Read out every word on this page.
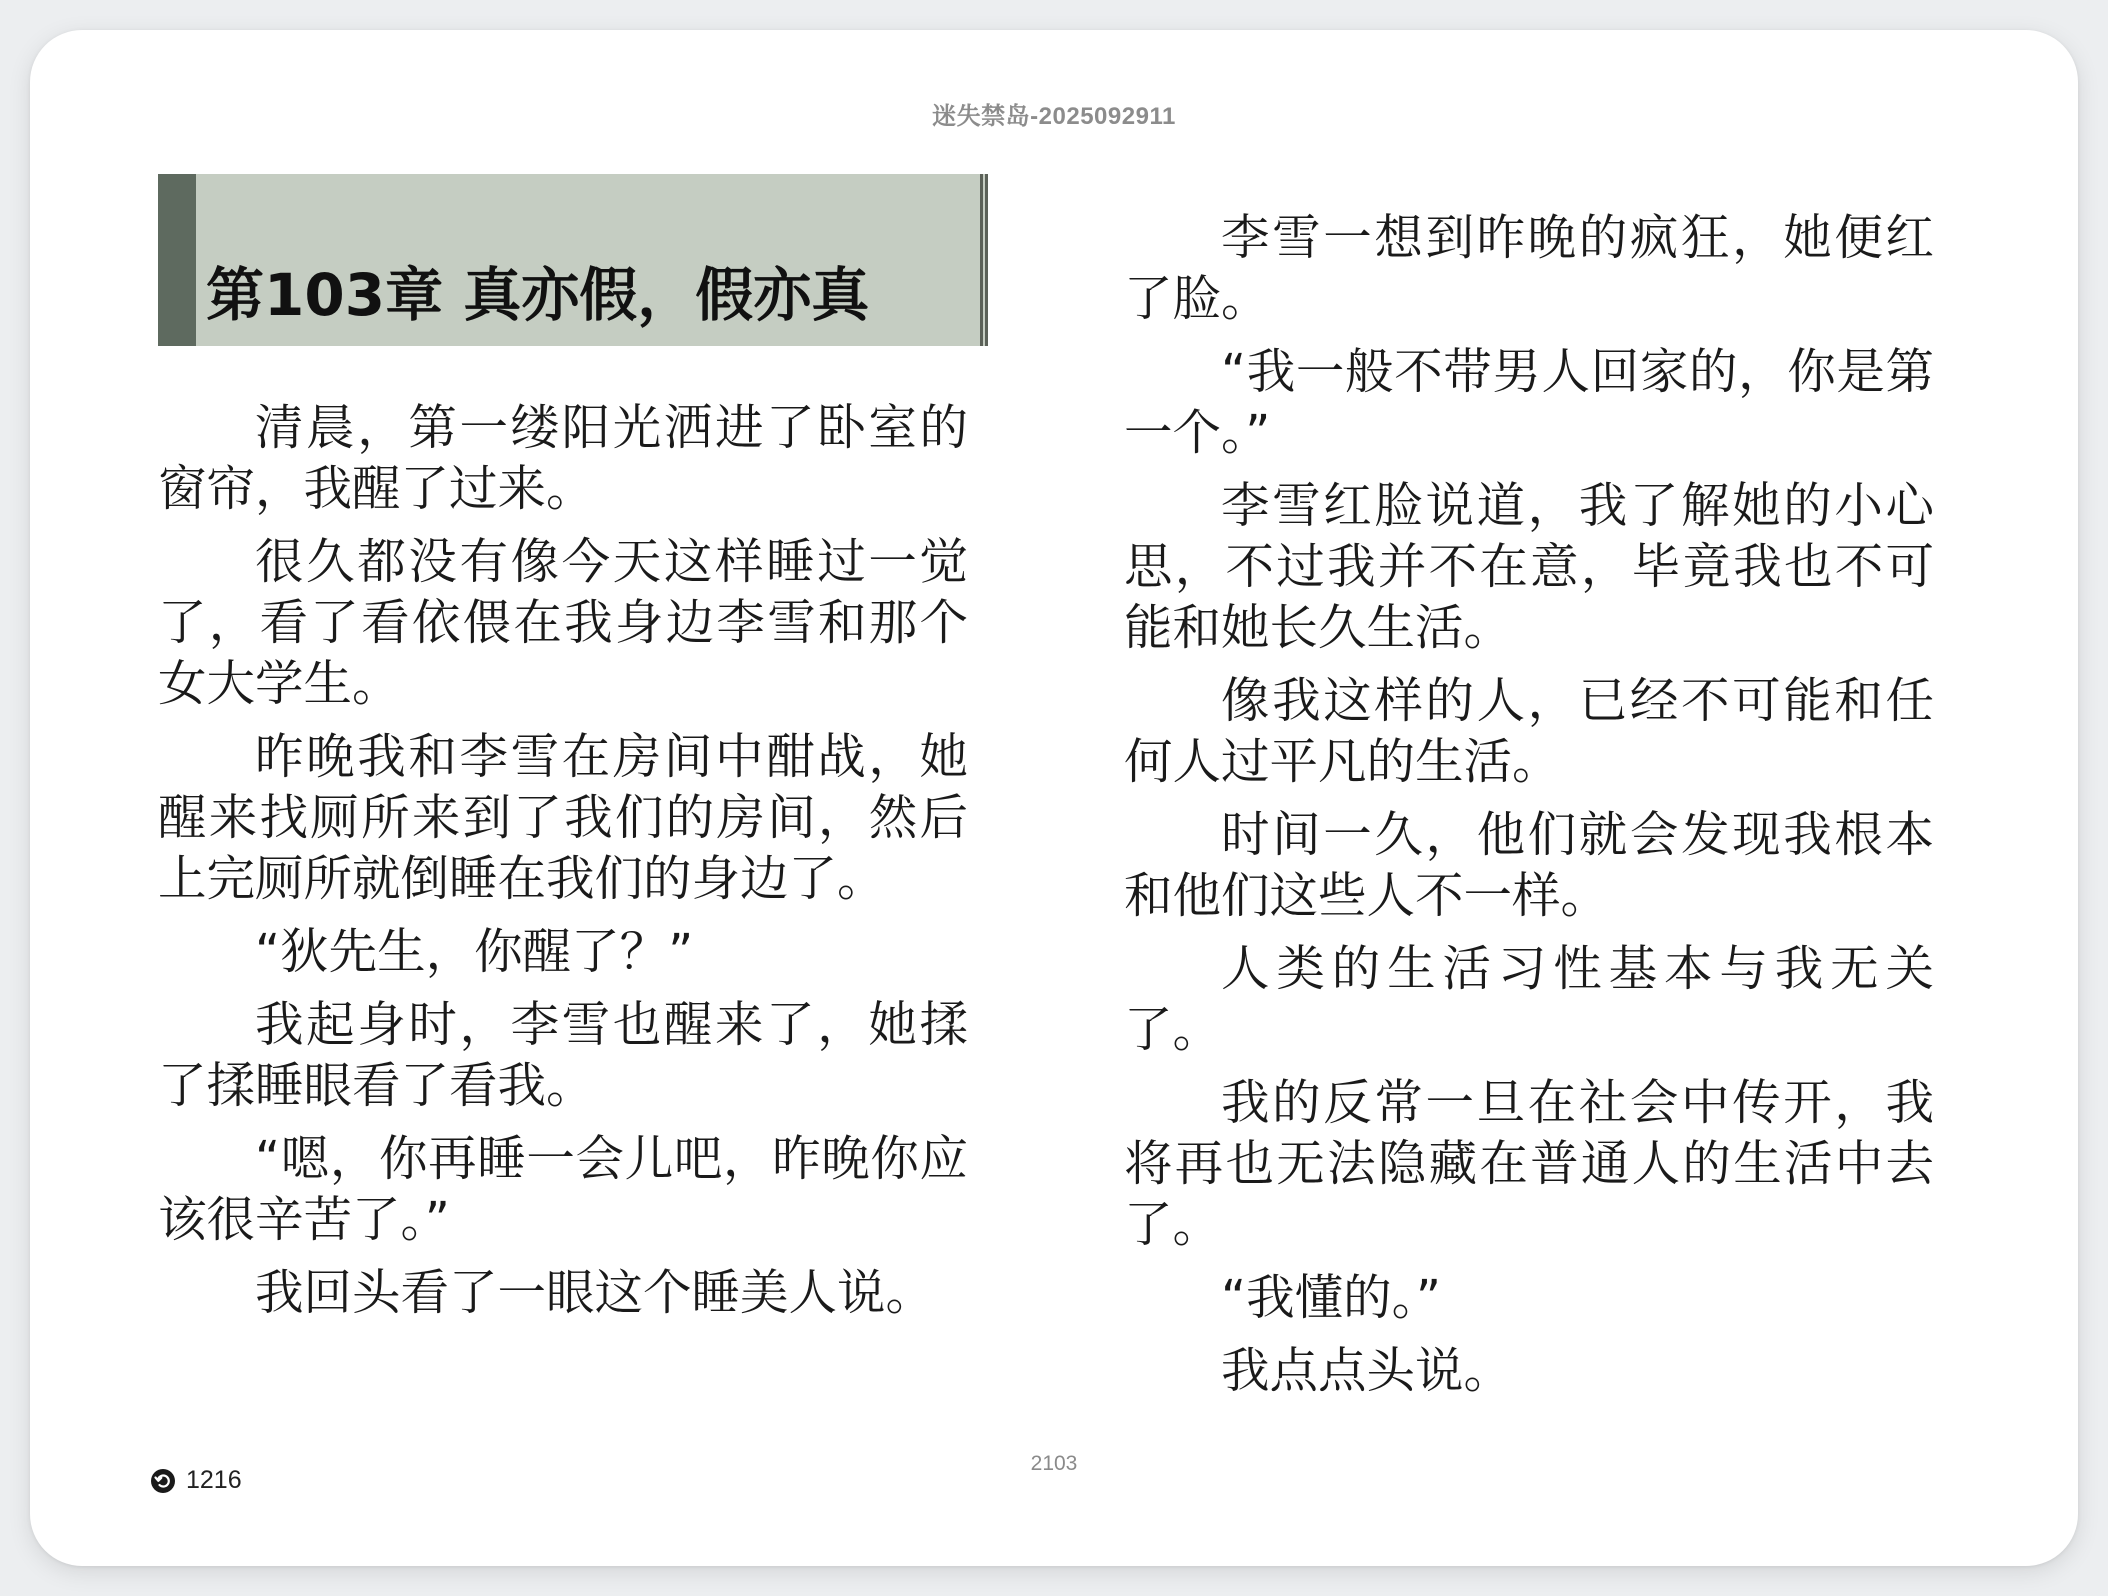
迷失禁岛-2025092911
第103章 真亦假，假亦真

清晨，第一缕阳光洒进了卧室的窗帘，我醒了过来。

很久都没有像今天这样睡过一觉了，看了看依偎在我身边李雪和那个女大学生。

昨晚我和李雪在房间中酣战，她醒来找厕所来到了我们的房间，然后上完厕所就倒睡在我们的身边了。

“狄先生，你醒了？”

我起身时，李雪也醒来了，她揉了揉睡眼看了看我。

“嗯，你再睡一会儿吧，昨晚你应该很辛苦了。”

我回头看了一眼这个睡美人说。

李雪一想到昨晚的疯狂，她便红了脸。

“我一般不带男人回家的，你是第一个。”

李雪红脸说道，我了解她的小心思，不过我并不在意，毕竟我也不可能和她长久生活。

像我这样的人，已经不可能和任何人过平凡的生活。

时间一久，他们就会发现我根本和他们这些人不一样。

人类的生活习性基本与我无关了。

我的反常一旦在社会中传开，我将再也无法隐藏在普通人的生活中去了。

“我懂的。”

我点点头说。

1216
2103
